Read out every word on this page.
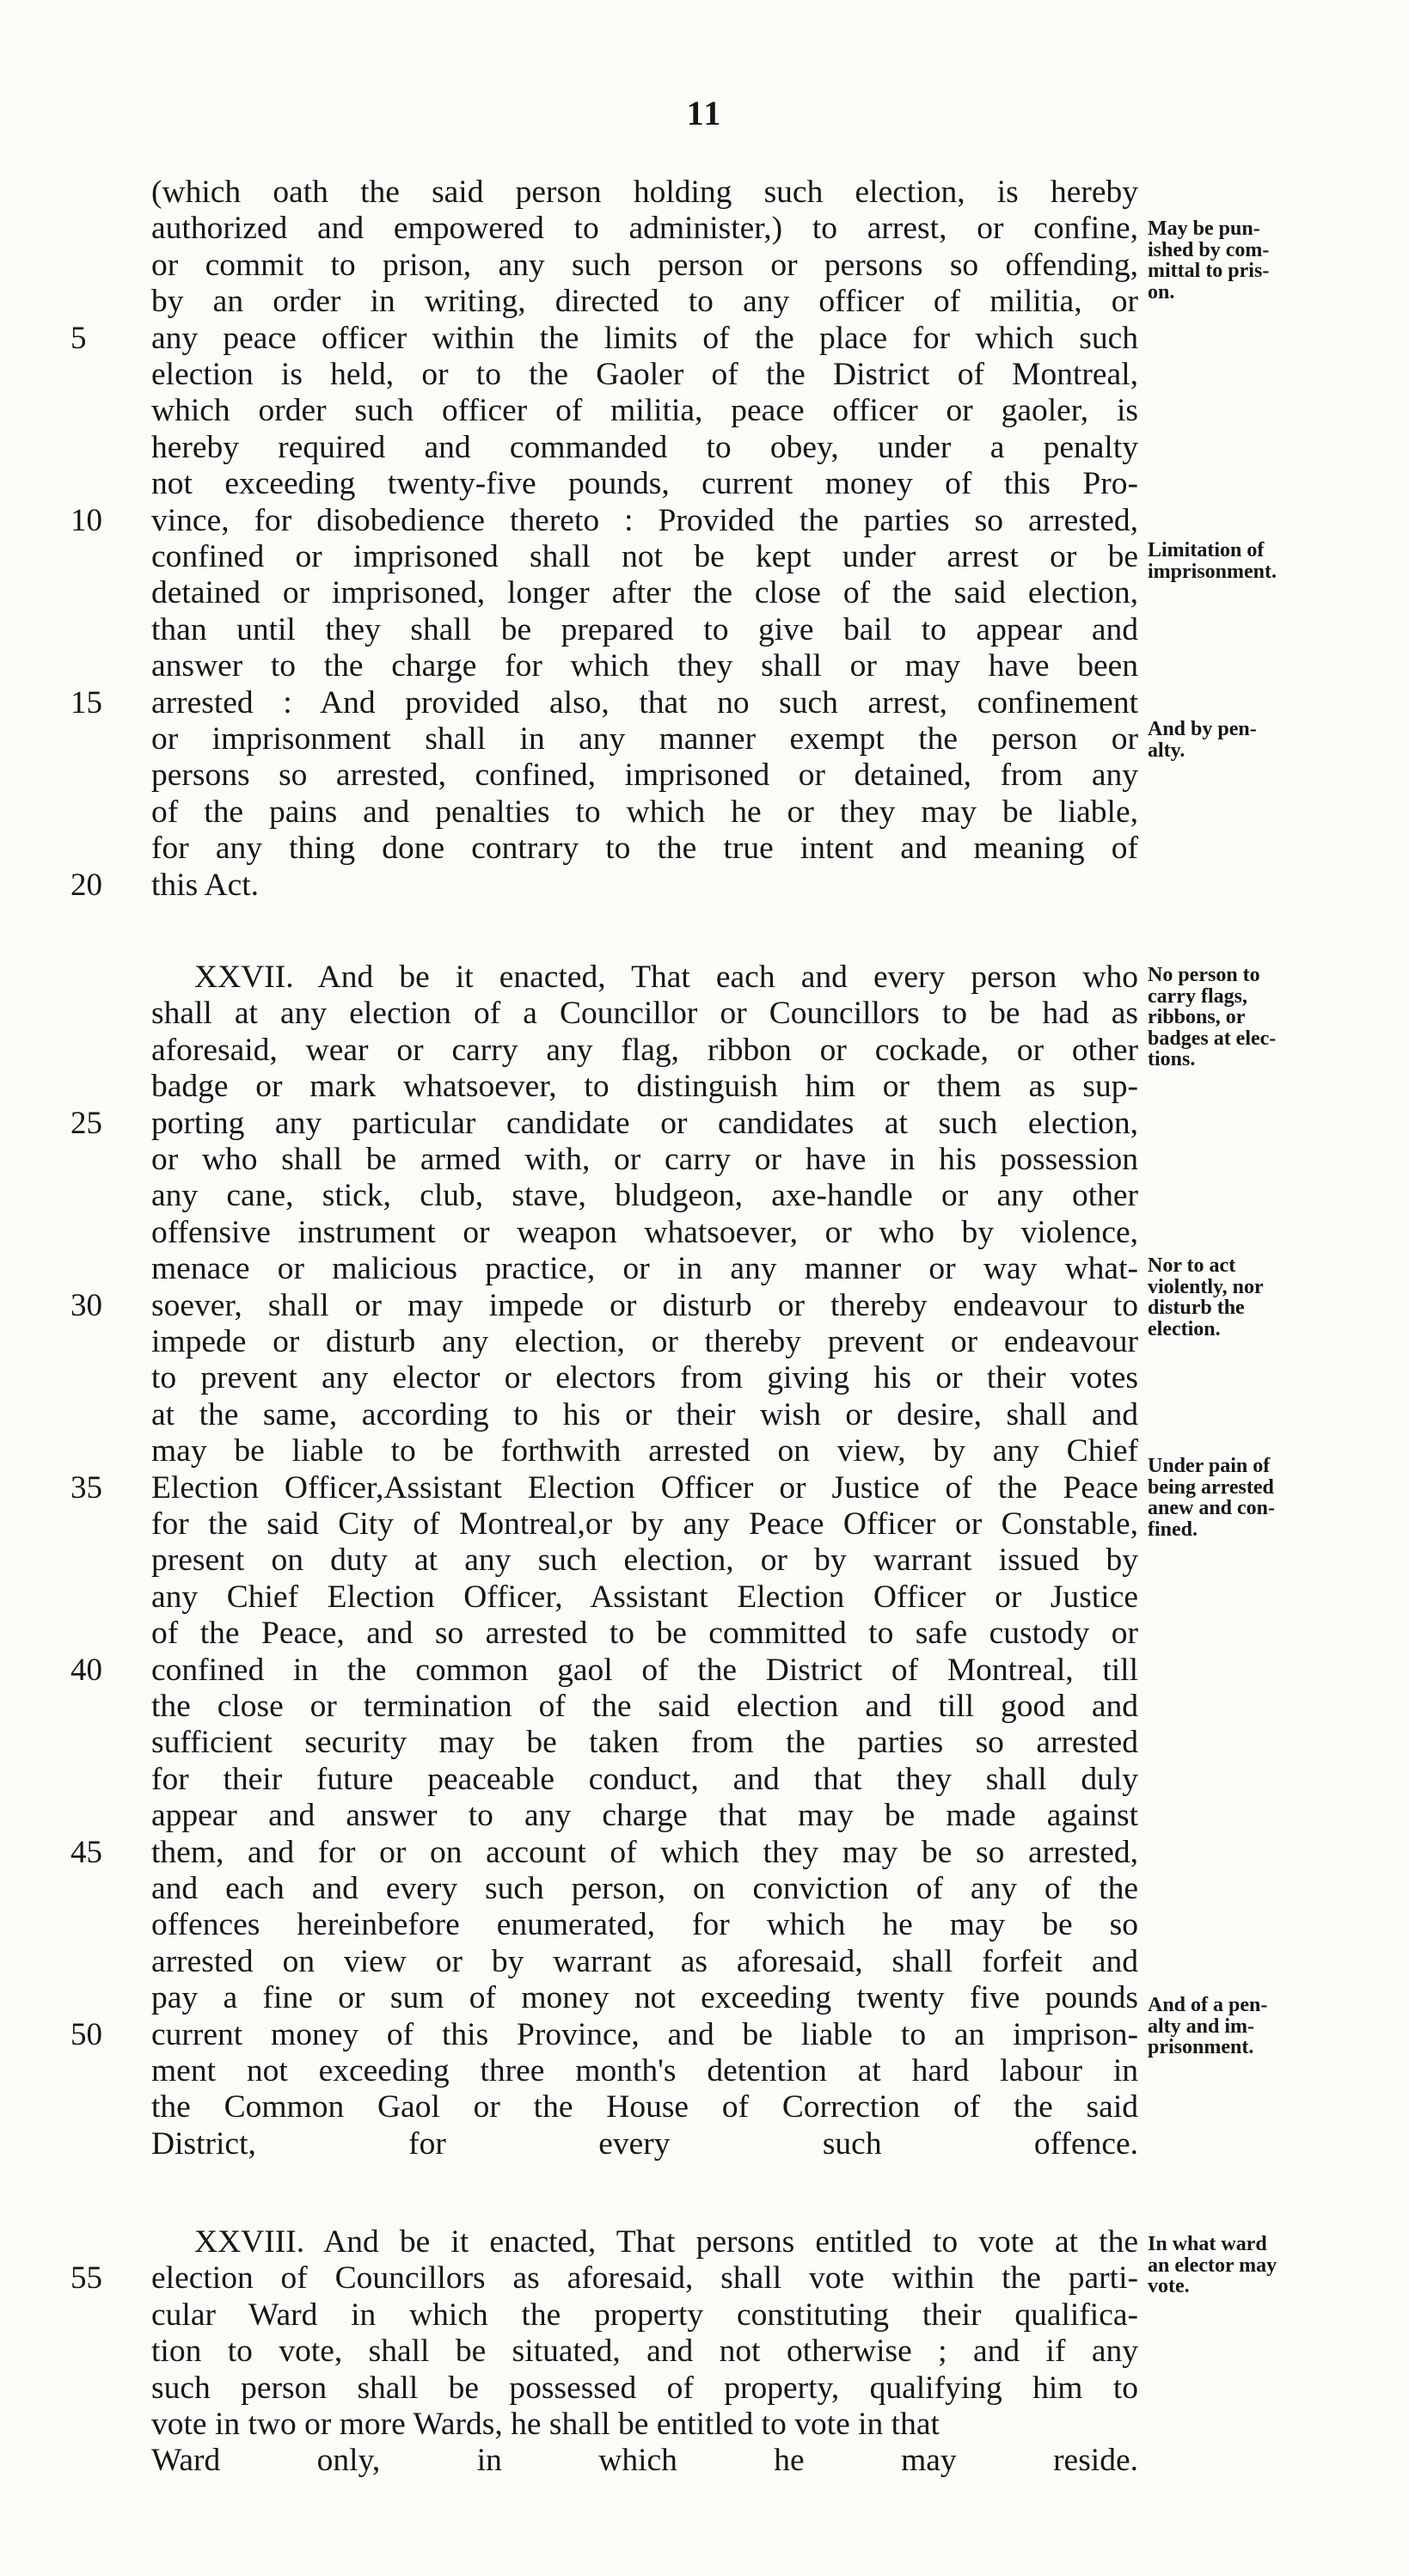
11
(which oath the said person holding such election, is hereby
authorized and empowered to administer,) to arrest, or confine,
or commit to prison, any such person or persons so offending,
by an order in writing, directed to any officer of militia, or
any peace officer within the limits of the place for which such
5
election is held, or to the Gaoler of the District of Montreal,
which order such officer of militia, peace officer or gaoler, is
hereby required and commanded to obey, under a penalty
not exceeding twenty-five pounds, current money of this Pro-
vince, for disobedience thereto : Provided the parties so arrested,
10
confined or imprisoned shall not be kept under arrest or be
detained or imprisoned, longer after the close of the said election,
than until they shall be prepared to give bail to appear and
answer to the charge for which they shall or may have been
arrested : And provided also, that no such arrest, confinement
15
or imprisonment shall in any manner exempt the person or
persons so arrested, confined, imprisoned or detained, from any
of the pains and penalties to which he or they may be liable,
for any thing done contrary to the true intent and meaning of
this Act.
20
XXVII. And be it enacted, That each and every person who
shall at any election of a Councillor or Councillors to be had as
aforesaid, wear or carry any flag, ribbon or cockade, or other
badge or mark whatsoever, to distinguish him or them as sup-
porting any particular candidate or candidates at such election,
25
or who shall be armed with, or carry or have in his possession
any cane, stick, club, stave, bludgeon, axe-handle or any other
offensive instrument or weapon whatsoever, or who by violence,
menace or malicious practice, or in any manner or way what-
soever, shall or may impede or disturb or thereby endeavour to
30
impede or disturb any election, or thereby prevent or endeavour
to prevent any elector or electors from giving his or their votes
at the same, according to his or their wish or desire, shall and
may be liable to be forthwith arrested on view, by any Chief
Election Officer,Assistant Election Officer or Justice of the Peace
35
for the said City of Montreal,or by any Peace Officer or Constable,
present on duty at any such election, or by warrant issued by
any Chief Election Officer, Assistant Election Officer or Justice
of the Peace, and so arrested to be committed to safe custody or
confined in the common gaol of the District of Montreal, till
40
the close or termination of the said election and till good and
sufficient security may be taken from the parties so arrested
for their future peaceable conduct, and that they shall duly
appear and answer to any charge that may be made against
them, and for or on account of which they may be so arrested,
45
and each and every such person, on conviction of any of the
offences hereinbefore enumerated, for which he may be so
arrested on view or by warrant as aforesaid, shall forfeit and
pay a fine or sum of money not exceeding twenty five pounds
current money of this Province, and be liable to an imprison-
50
ment not exceeding three month's detention at hard labour in
the Common Gaol or the House of Correction of the said
District, for every such offence.
XXVIII. And be it enacted, That persons entitled to vote at the
election of Councillors as aforesaid, shall vote within the parti-
55
cular Ward in which the property constituting their qualifica-
tion to vote, shall be situated, and not otherwise ; and if any
such person shall be possessed of property, qualifying him to
vote in two or more Wards, he shall be entitled to vote in that
Ward only, in which he may reside.
May be pun-
ished by com-
mittal to pris-
on.
Limitation of
imprisonment.
And by pen-
alty.
No person to
carry flags,
ribbons, or
badges at elec-
tions.
Nor to act
violently, nor
disturb the
election.
Under pain of
being arrested
anew and con-
fined.
And of a pen-
alty and im-
prisonment.
In what ward
an elector may
vote.
